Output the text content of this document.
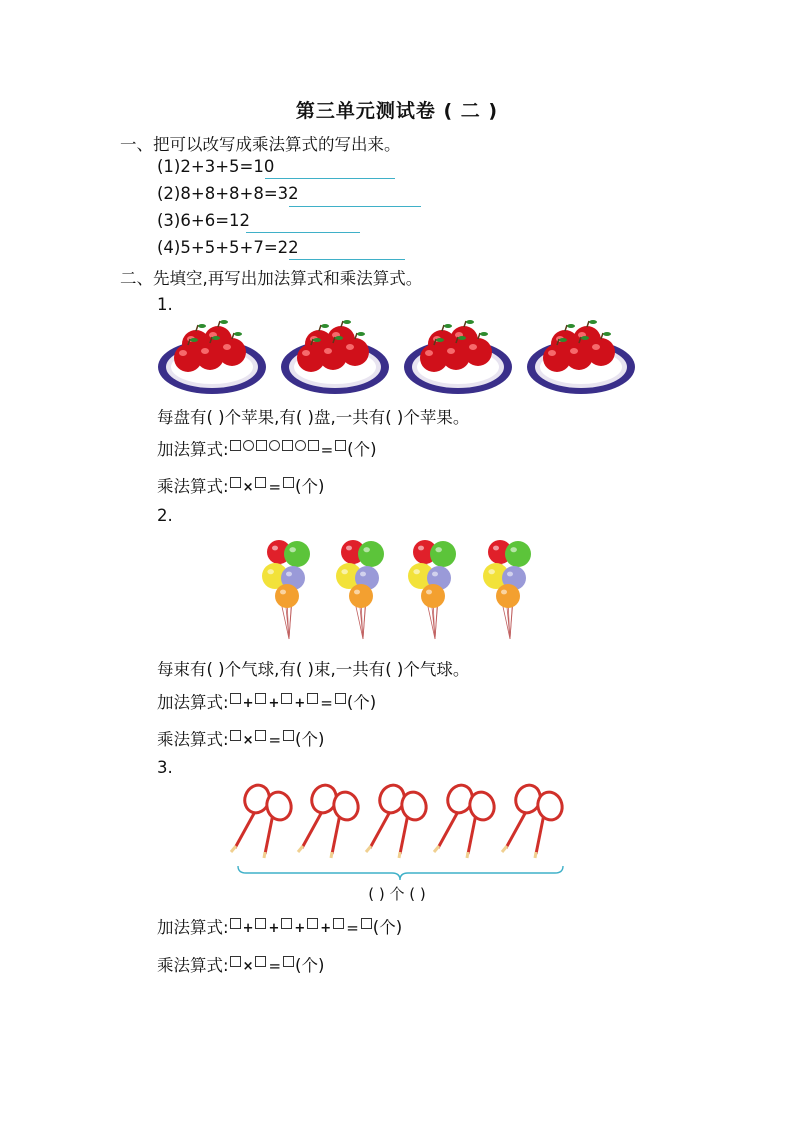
第三单元测试卷 ( 二 )
一、把可以改写成乘法算式的写出来。
(1)2+3+5=10
(2)8+8+8+8=32
(3)6+6=12
(4)5+5+5+7=22
二、先填空,再写出加法算式和乘法算式。
1.
每盘有( )个苹果,有( )盘,一共有( )个苹果。
加法算式:	= (个)
乘法算式: × = (个)
2.
每束有( )个气球,有( )束,一共有( )个气球。
加法算式: + + + = (个)
乘法算式: × = (个)
3.
( ) 个 ( )
加法算式: + + + + = (个)
乘法算式: × = (个)
